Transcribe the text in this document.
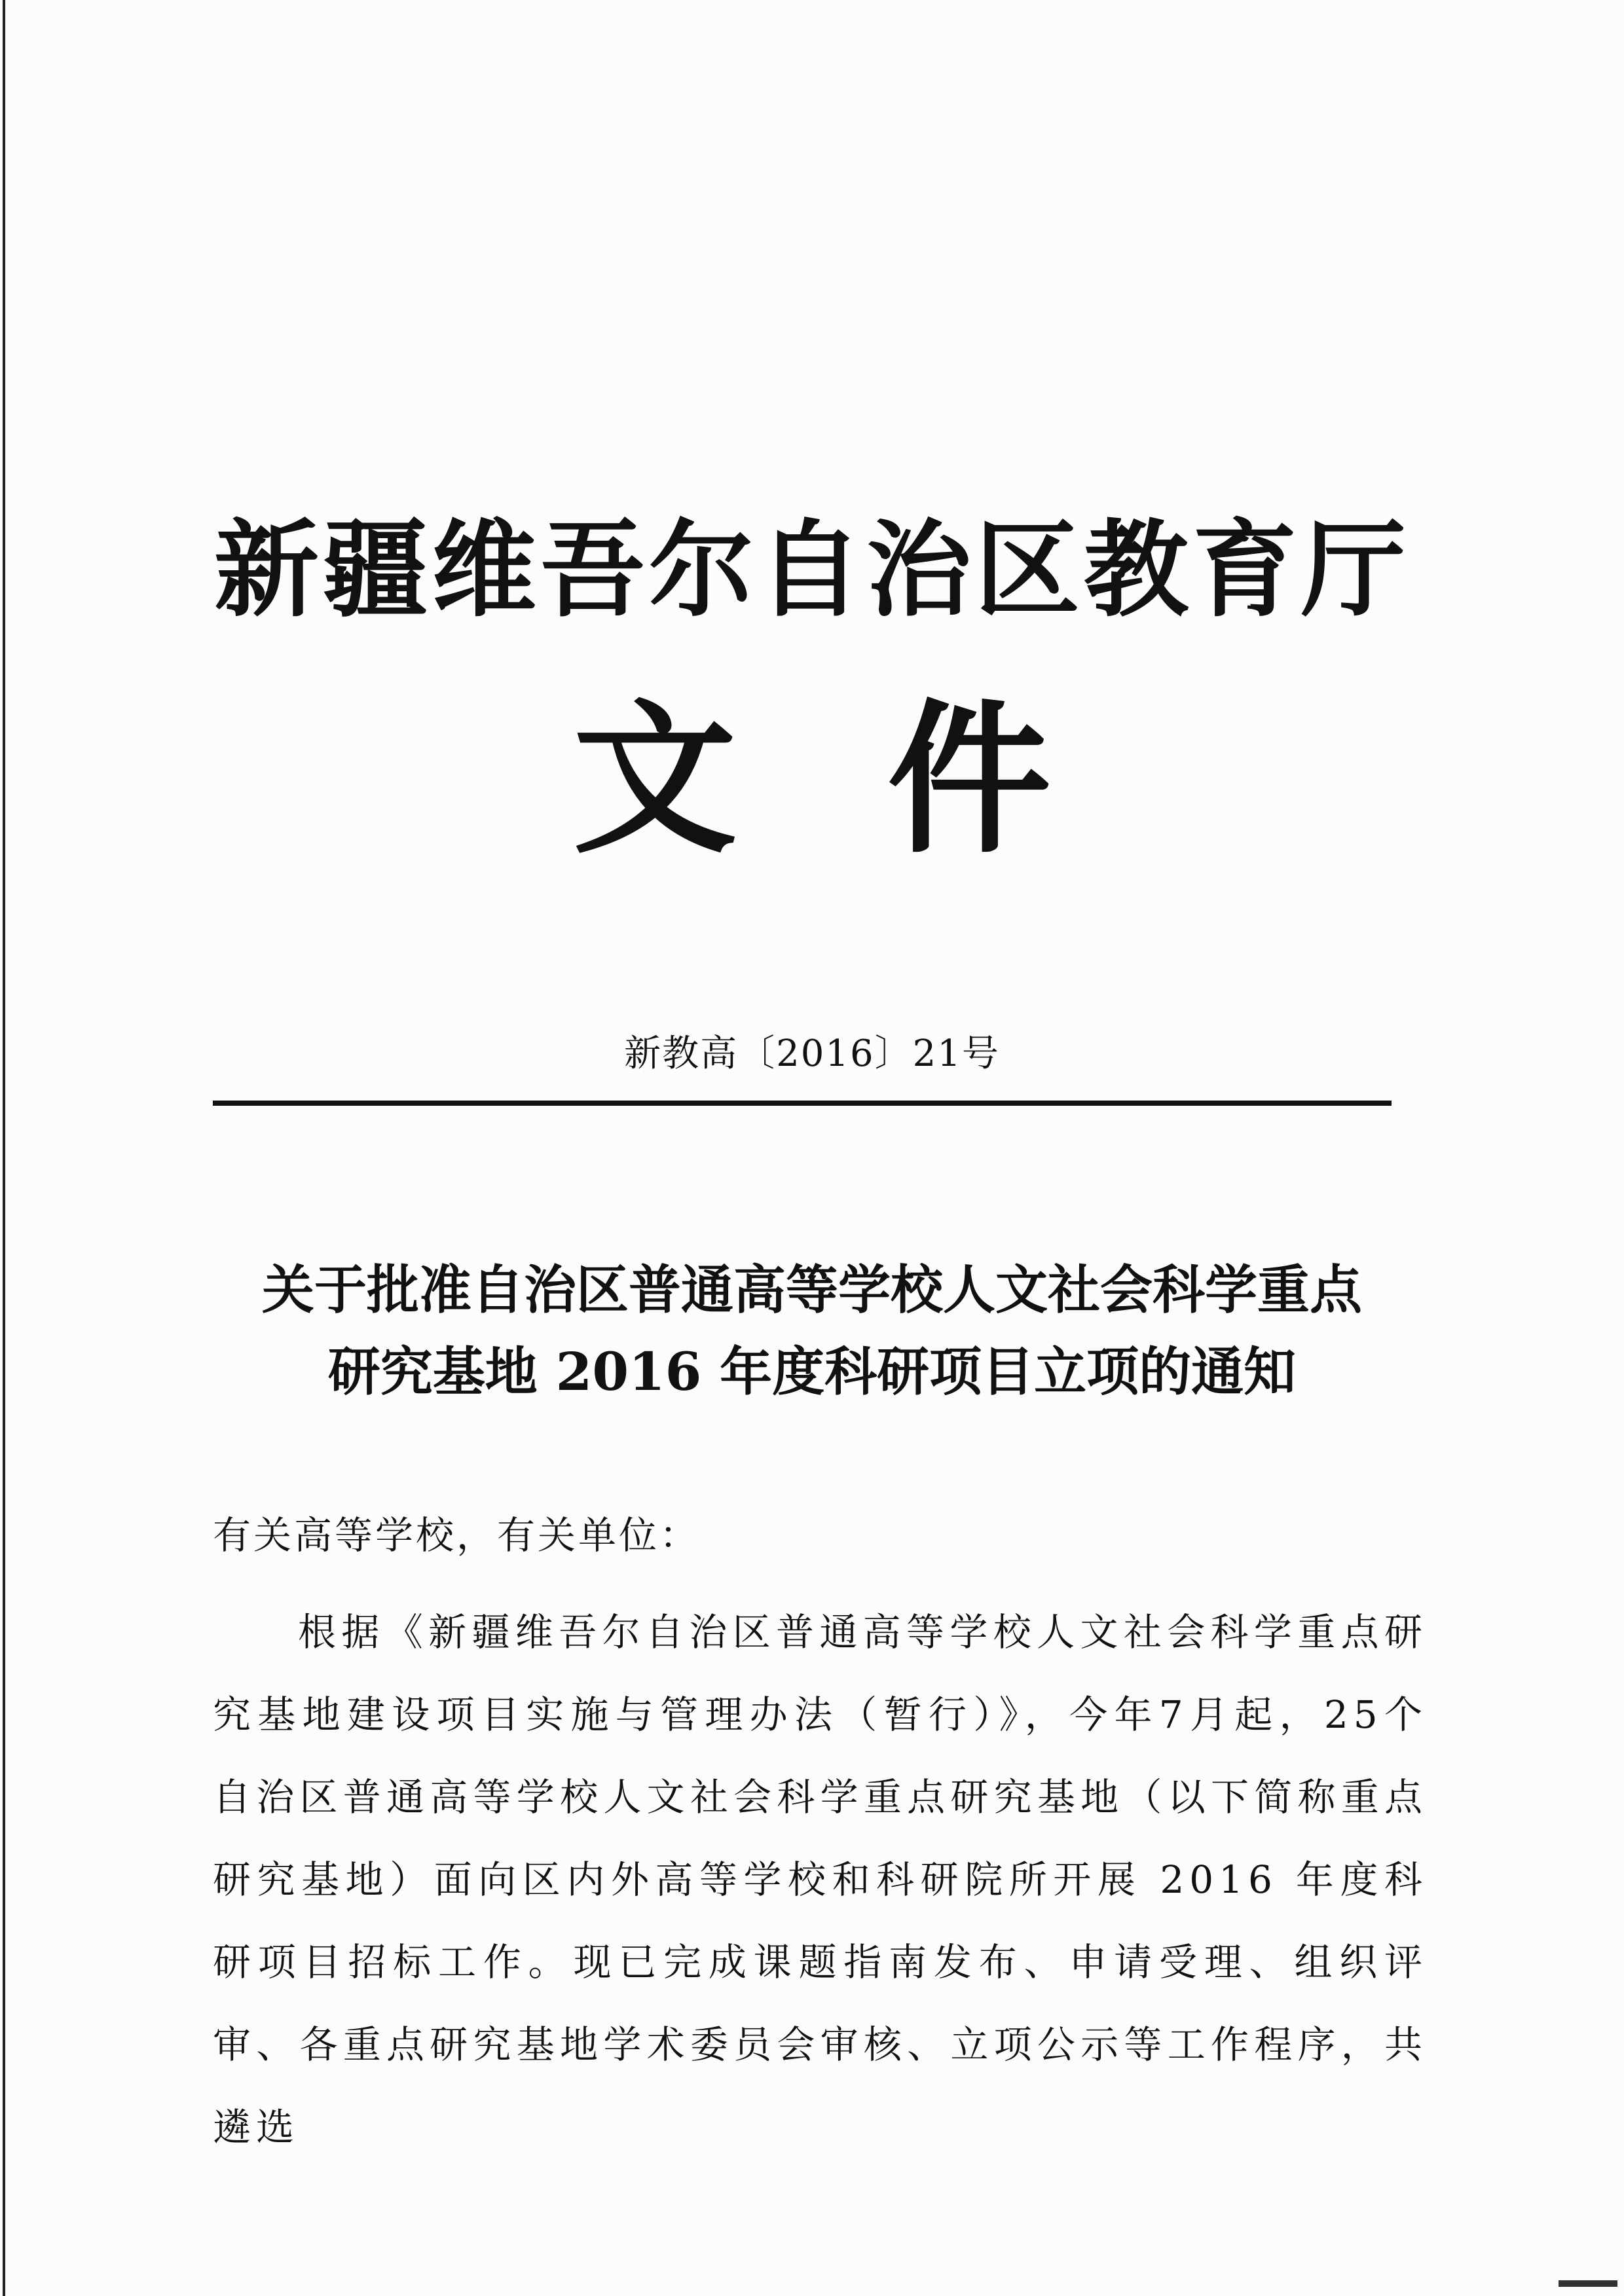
新疆维吾尔自治区教育厅
文件
新教高〔2016〕21号
关于批准自治区普通高等学校人文社会科学重点
研究基地 2016 年度科研项目立项的通知
有关高等学校，有关单位：
根据《新疆维吾尔自治区普通高等学校人文社会科学重点研究基地建设项目实施与管理办法（暂行）》，今年7月起，25个自治区普通高等学校人文社会科学重点研究基地（以下简称重点研究基地）面向区内外高等学校和科研院所开展 2016 年度科研项目招标工作。现已完成课题指南发布、申请受理、组织评审、各重点研究基地学术委员会审核、立项公示等工作程序，共遴选
